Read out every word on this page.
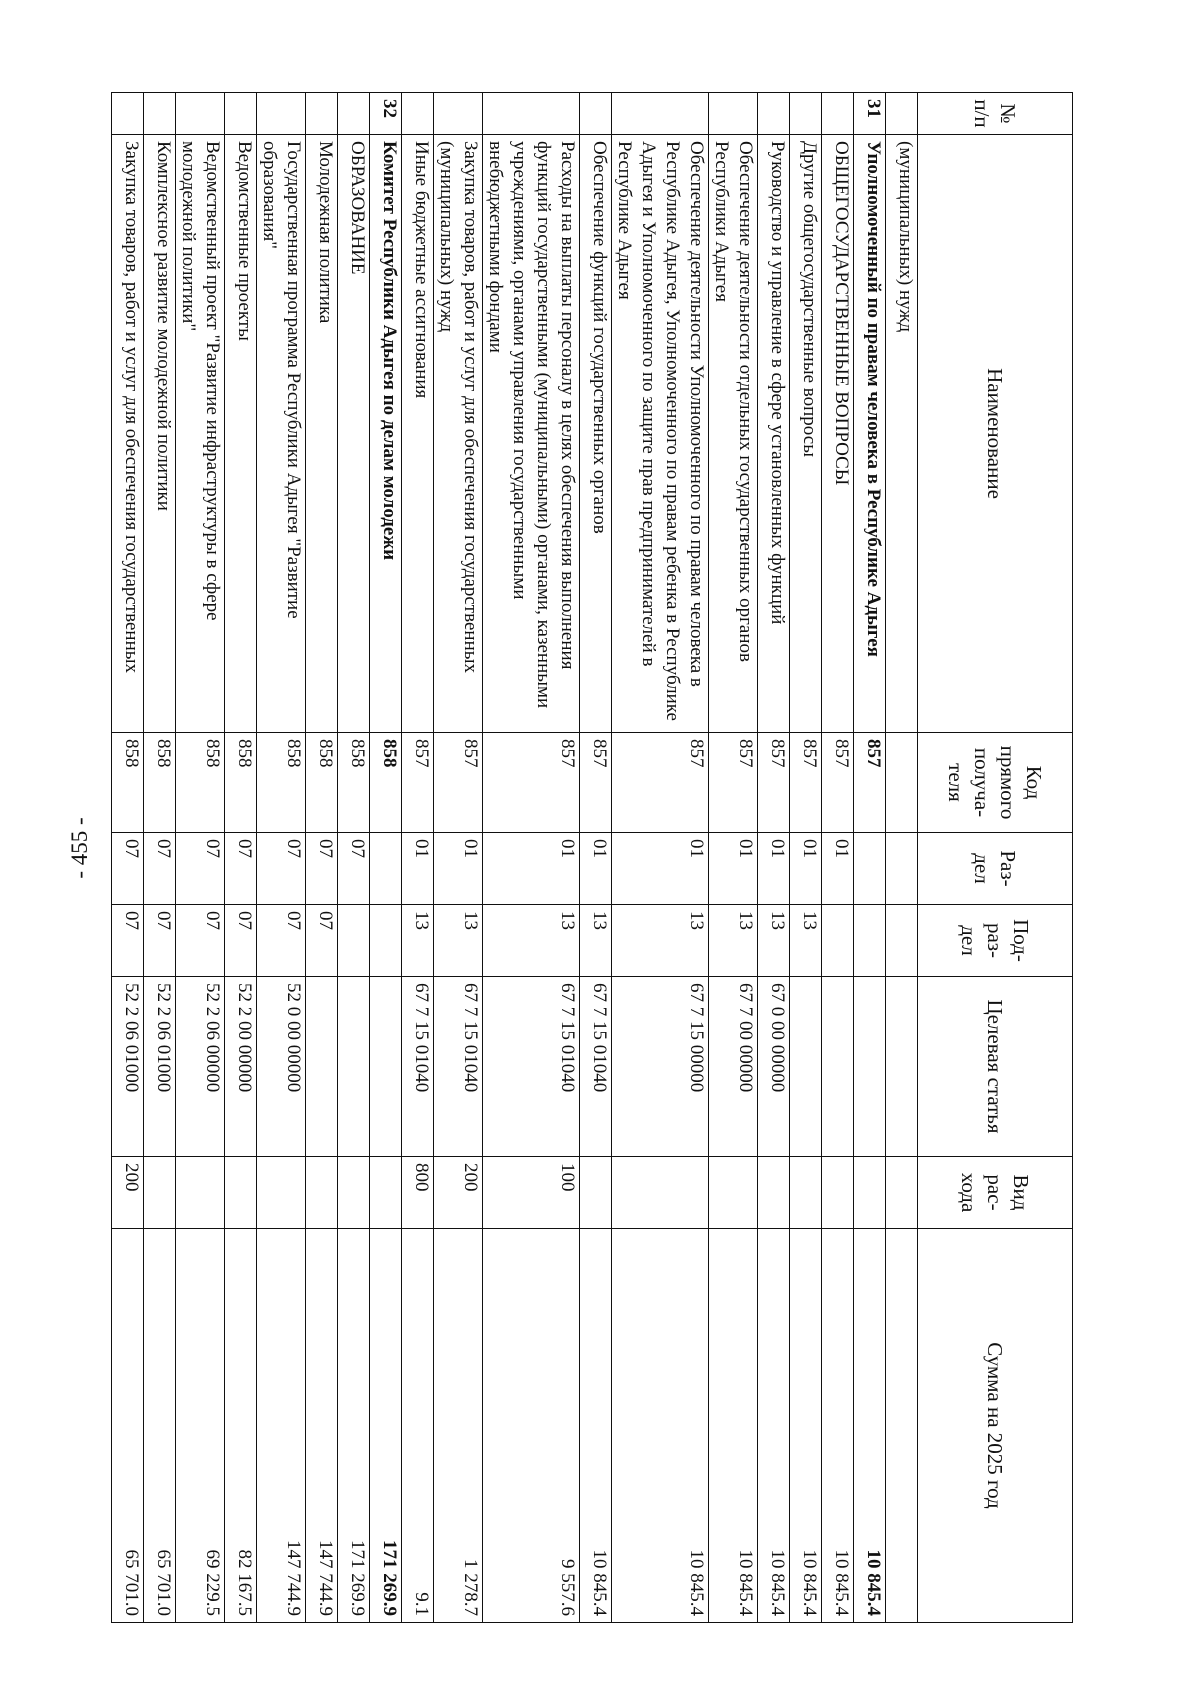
- 455 -
№ п/п	Наименование	Код прямого получа-теля	Раз-дел	Под-раз-дел	Целевая статья	Вид рас-хода	Сумма на 2025 год
	(муниципальных) нужд						
31	Уполномоченный по правам человека в Республике Адыгея	857					10 845.4
	ОБЩЕГОСУДАРСТВЕННЫЕ ВОПРОСЫ	857	01				10 845.4
	Другие общегосударственные вопросы	857	01	13			10 845.4
	Руководство и управление в сфере установленных функций	857	01	13	67 0 00 00000		10 845.4
	Обеспечение деятельности отдельных государственных органов Республики Адыгея	857	01	13	67 7 00 00000		10 845.4
	Обеспечение деятельности Уполномоченного по правам человека в Республике Адыгея, Уполномоченного по правам ребенка в Республике Адыгея и Уполномоченного по защите прав предпринимателей в Республике Адыгея	857	01	13	67 7 15 00000		10 845.4
	Обеспечение функций государственных органов	857	01	13	67 7 15 01040		10 845.4
	Расходы на выплаты персоналу в целях обеспечения выполнения функций государственными (муниципальными) органами, казенными учреждениями, органами управления государственными внебюджетными фондами	857	01	13	67 7 15 01040	100	9 557.6
	Закупка товаров, работ и услуг для обеспечения государственных (муниципальных) нужд	857	01	13	67 7 15 01040	200	1 278.7
	Иные бюджетные ассигнования	857	01	13	67 7 15 01040	800	9.1
32	Комитет Республики Адыгея по делам молодежи	858					171 269.9
	ОБРАЗОВАНИЕ	858	07				171 269.9
	Молодежная политика	858	07	07			147 744.9
	Государственная программа Республики Адыгея "Развитие образования"	858	07	07	52 0 00 00000		147 744.9
	Ведомственные проекты	858	07	07	52 2 00 00000		82 167.5
	Ведомственный проект "Развитие инфраструктуры в сфере молодежной политики"	858	07	07	52 2 06 00000		69 229.5
	Комплексное развитие молодежной политики	858	07	07	52 2 06 01000		65 701.0
	Закупка товаров, работ и услуг для обеспечения государственных	858	07	07	52 2 06 01000	200	65 701.0
